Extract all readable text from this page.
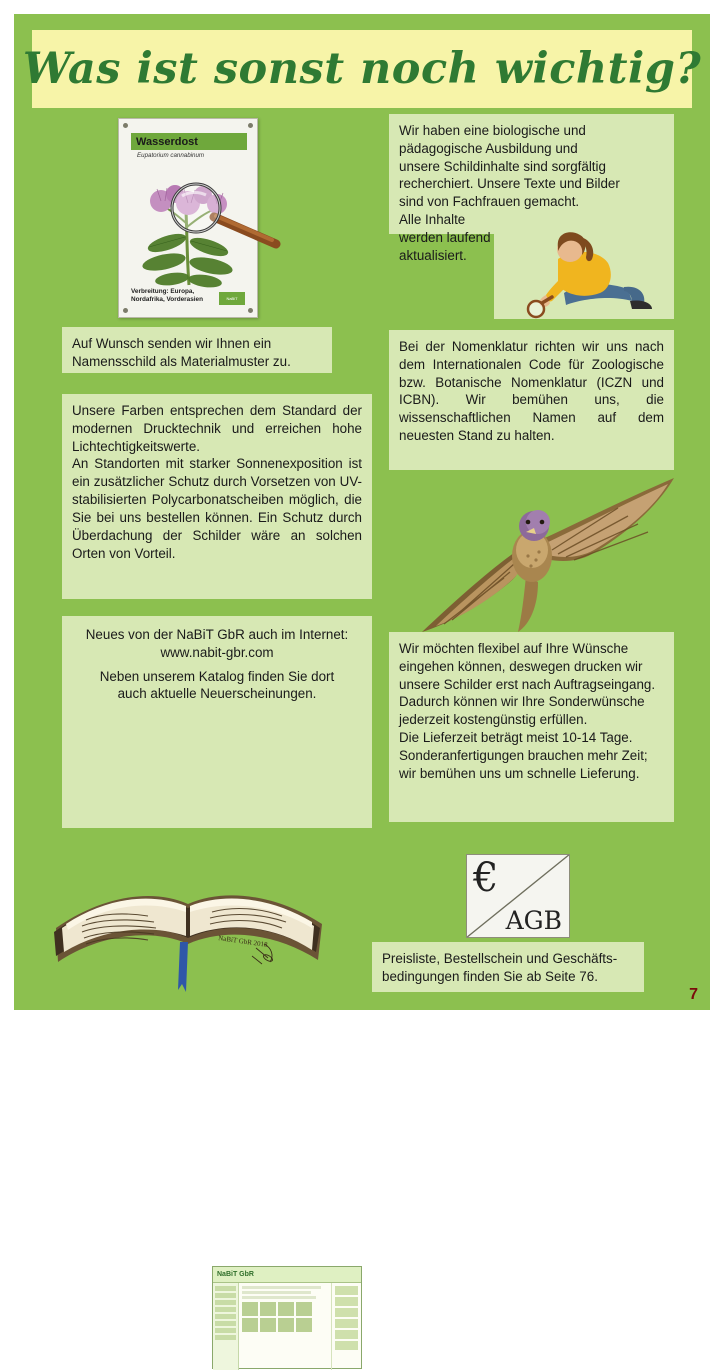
Was ist sonst noch wichtig?
Wasserdost
Eupatorium cannabinum
Verbreitung: Europa,
Nordafrika, Vorderasien	NaBiT
Wir haben eine biologische und
pädagogische Ausbildung und
unsere Schildinhalte sind sorgfältig
recherchiert. Unsere Texte und Bilder
sind von Fachfrauen gemacht.
Alle Inhalte
werden laufend
aktualisiert.
Auf Wunsch senden wir Ihnen ein
Namensschild als Materialmuster zu.
Bei der Nomenklatur richten wir uns nach dem Internationalen Code für Zoologische bzw. Botanische Nomenklatur (ICZN und ICBN). Wir bemühen uns, die wissenschaftlichen Namen auf dem neuesten Stand zu halten.
Unsere Farben entsprechen dem Standard der modernen Drucktechnik und erreichen hohe Lichtechtigkeitswerte.
An Standorten mit starker Sonnenexposition ist ein zusätzlicher Schutz durch Vorsetzen von UV-stabilisierten Polycarbonatscheiben möglich, die Sie bei uns bestellen können. Ein Schutz durch Überdachung der Schilder wäre an solchen Orten von Vorteil.
Neues von der NaBiT GbR auch im Internet:
www.nabit-gbr.com
NaBiT GbR
Neben unserem Katalog finden Sie dort
auch aktuelle Neuerscheinungen.
Wir möchten flexibel auf Ihre Wünsche eingehen können, deswegen drucken wir unsere Schilder erst nach Auftragseingang. Dadurch können wir Ihre Sonderwünsche jederzeit kostengünstig erfüllen.
Die Lieferzeit beträgt meist 10-14 Tage. Sonderanfertigungen brauchen mehr Zeit; wir bemühen uns um schnelle Lieferung.
NaBiT GbR 2018
€
AGB
Preisliste, Bestellschein und Geschäfts-
bedingungen finden Sie ab Seite 76.
7
